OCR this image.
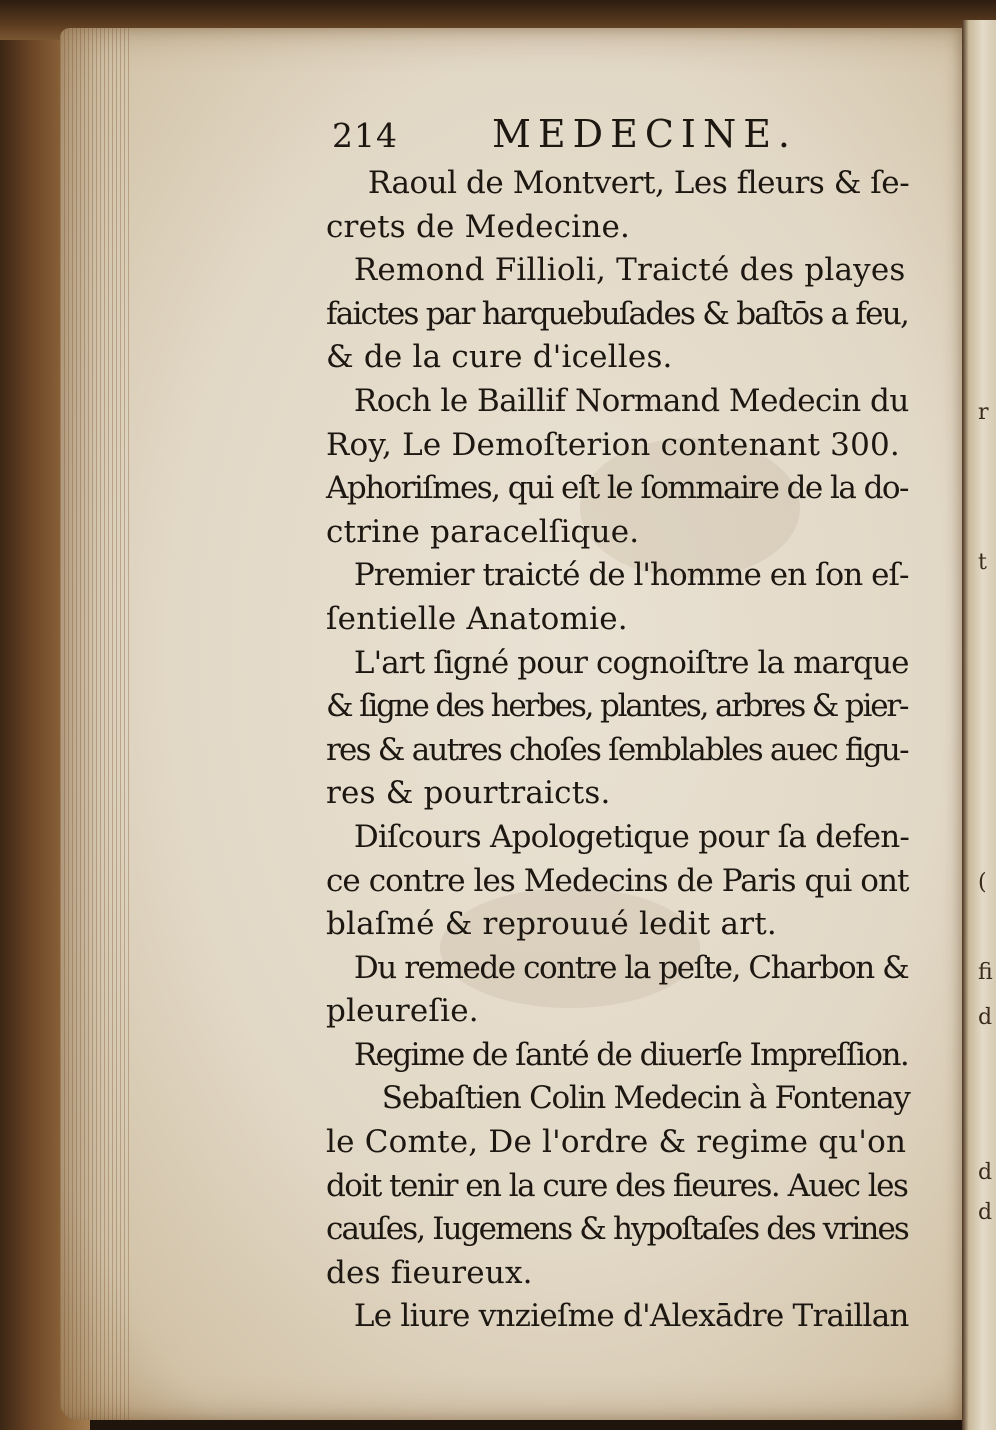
r
t
(
fi
d
d
d
214 MEDECINE.
Raoul de Montvert, Les fleurs & ſe-
crets de Medecine.
Remond Fillioli, Traicté des playes
faictes par harquebuſades & baſtōs a feu,
& de la cure d'icelles.
Roch le Baillif Normand Medecin du
Roy, Le Demoſterion contenant 300.
Aphoriſmes, qui eſt le ſommaire de la do-
ctrine paracelſique.
Premier traicté de l'homme en ſon eſ-
ſentielle Anatomie.
L'art ſigné pour cognoiſtre la marque
& ſigne des herbes, plantes, arbres & pier-
res & autres choſes ſemblables auec figu-
res & pourtraicts.
Diſcours Apologetique pour ſa defen-
ce contre les Medecins de Paris qui ont
blaſmé & reprouué ledit art.
Du remede contre la peſte, Charbon &
pleureſie.
Regime de ſanté de diuerſe Impreſſion.
Sebaſtien Colin Medecin à Fontenay
le Comte, De l'ordre & regime qu'on
doit tenir en la cure des fieures. Auec les
cauſes, Iugemens & hypoſtaſes des vrines
des fieureux.
Le liure vnzieſme d'Alexādre Traillan
